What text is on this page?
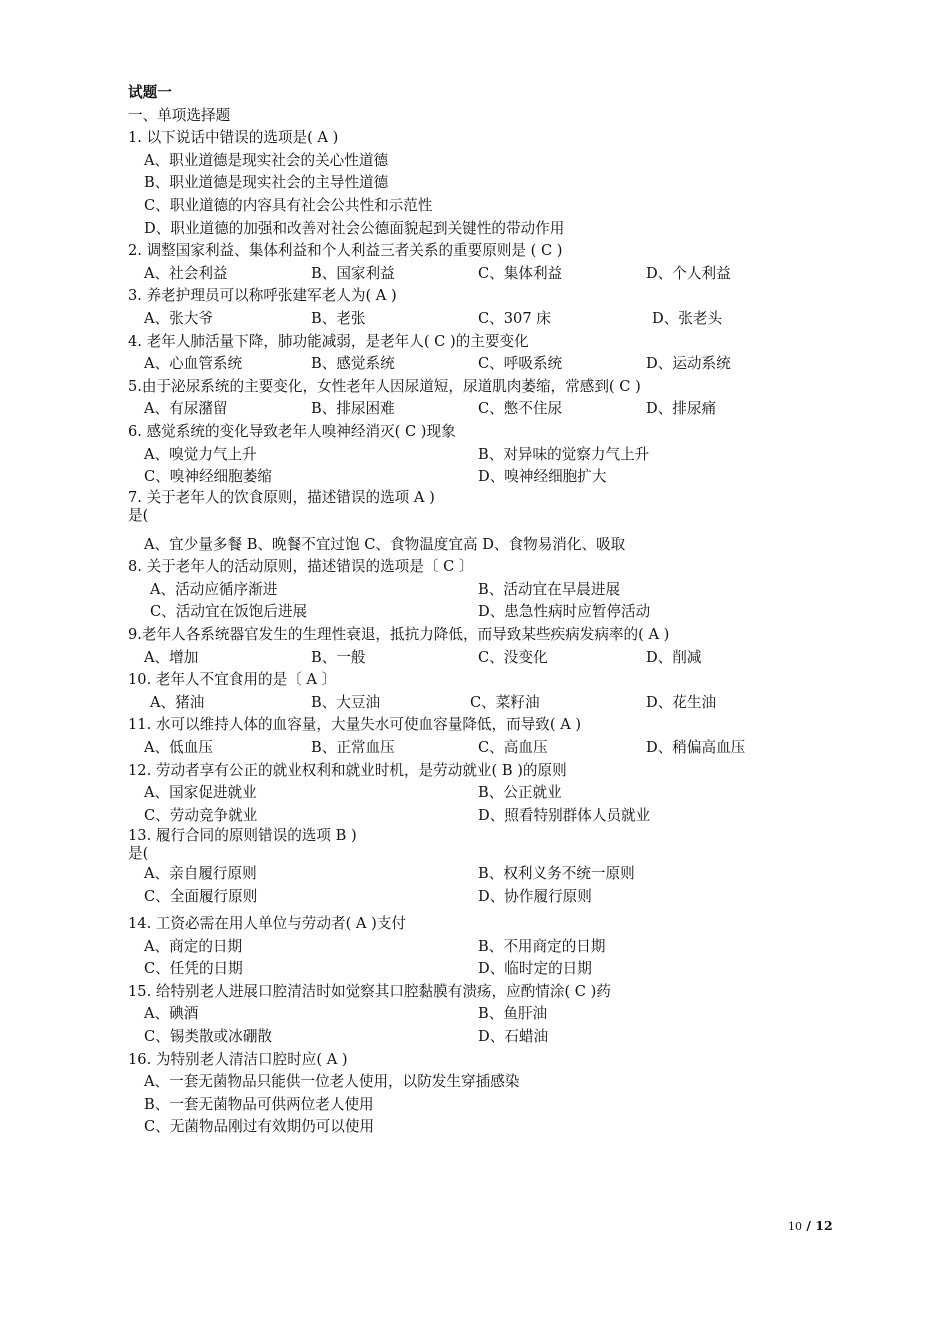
试题一
一、单项选择题
1. 以下说话中错误的选项是( A )
A、职业道德是现实社会的关心性道德
B、职业道德是现实社会的主导性道德
C、职业道德的内容具有社会公共性和示范性
D、职业道德的加强和改善对社会公德面貌起到关键性的带动作用
2. 调整国家利益、集体利益和个人利益三者关系的重要原则是 ( C )
A、社会利益	B、国家利益	C、集体利益	D、个人利益
3. 养老护理员可以称呼张建军老人为( A )
A、张大爷	B、老张	C、307 床	D、张老头
4. 老年人肺活量下降，肺功能减弱，是老年人( C )的主要变化
A、心血管系统	B、感觉系统	C、呼吸系统	D、运动系统
5.由于泌尿系统的主要变化，女性老年人因尿道短，尿道肌肉萎缩，常感到( C )
A、有尿潴留	B、排尿困难	C、憋不住尿	D、排尿痛
6. 感觉系统的变化导致老年人嗅神经消灭( C )现象
A、嗅觉力气上升	B、对异味的觉察力气上升
C、嗅神经细胞萎缩	D、嗅神经细胞扩大
7. 关于老年人的饮食原则，描述错误的选项 A )
是(
A、宜少量多餐 B、晚餐不宜过饱 C、食物温度宜高 D、食物易消化、吸取
8. 关于老年人的活动原则，描述错误的选项是〔 C 〕
A、活动应循序渐进	B、活动宜在早晨进展
C、活动宜在饭饱后进展	D、患急性病时应暂停活动
9.老年人各系统器官发生的生理性衰退，抵抗力降低，而导致某些疾病发病率的( A )
A、增加	B、一般	C、没变化	D、削减
10. 老年人不宜食用的是〔 A 〕
A、猪油	B、大豆油	C、菜籽油	D、花生油
11. 水可以维持人体的血容量，大量失水可使血容量降低，而导致( A )
A、低血压	B、正常血压	C、高血压	D、稍偏高血压
12. 劳动者享有公正的就业权利和就业时机，是劳动就业( B )的原则
A、国家促进就业	B、公正就业
C、劳动竞争就业	D、照看特别群体人员就业
13. 履行合同的原则错误的选项 B )
是(
A、亲自履行原则	B、权利义务不统一原则
C、全面履行原则	D、协作履行原则
14. 工资必需在用人单位与劳动者( A )支付
A、商定的日期	B、不用商定的日期
C、任凭的日期	D、临时定的日期
15. 给特别老人进展口腔清洁时如觉察其口腔黏膜有溃疡，应酌情涂( C )药
A、碘酒	B、鱼肝油
C、锡类散或冰硼散	D、石蜡油
16. 为特别老人清洁口腔时应( A )
A、一套无菌物品只能供一位老人使用，以防发生穿插感染
B、一套无菌物品可供两位老人使用
C、无菌物品刚过有效期仍可以使用
10 / 12
